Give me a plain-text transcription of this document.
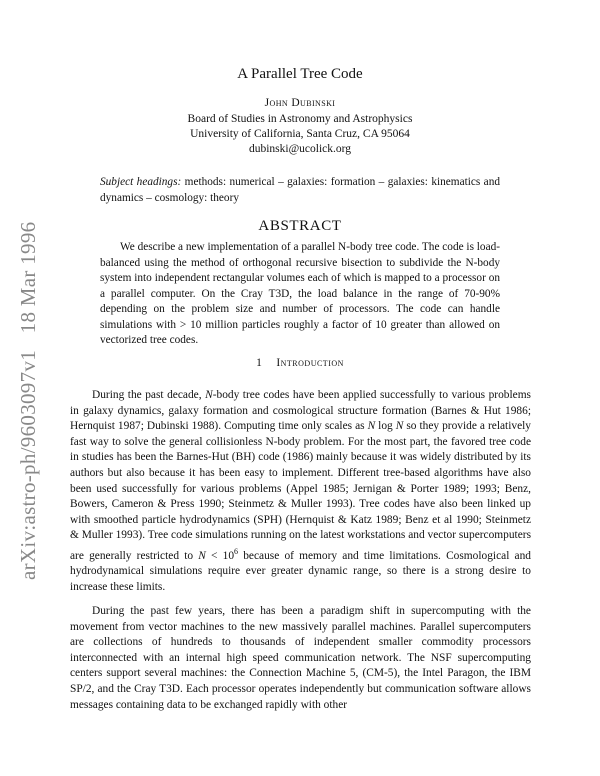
arXiv:astro-ph/9603097v1   18 Mar 1996
A Parallel Tree Code
John Dubinski
Board of Studies in Astronomy and Astrophysics
University of California, Santa Cruz, CA 95064
dubinski@ucolick.org
Subject headings: methods: numerical – galaxies: formation – galaxies: kinematics and dynamics – cosmology: theory
ABSTRACT

We describe a new implementation of a parallel N-body tree code. The code is load-balanced using the method of orthogonal recursive bisection to subdivide the N-body system into independent rectangular volumes each of which is mapped to a processor on a parallel computer. On the Cray T3D, the load balance in the range of 70-90% depending on the problem size and number of processors. The code can handle simulations with > 10 million particles roughly a factor of 10 greater than allowed on vectorized tree codes.

1 Introduction

During the past decade, N-body tree codes have been applied successfully to various problems in galaxy dynamics, galaxy formation and cosmological structure formation (Barnes & Hut 1986; Hernquist 1987; Dubinski 1988). Computing time only scales as N log N so they provide a relatively fast way to solve the general collisionless N-body problem. For the most part, the favored tree code in studies has been the Barnes-Hut (BH) code (1986) mainly because it was widely distributed by its authors but also because it has been easy to implement. Different tree-based algorithms have also been used successfully for various problems (Appel 1985; Jernigan & Porter 1989; 1993; Benz, Bowers, Cameron & Press 1990; Steinmetz & Muller 1993). Tree codes have also been linked up with smoothed particle hydrodynamics (SPH) (Hernquist & Katz 1989; Benz et al 1990; Steinmetz & Muller 1993). Tree code simulations running on the latest workstations and vector supercomputers are generally restricted to $N < 10^6$ because of memory and time limitations. Cosmological and hydrodynamical simulations require ever greater dynamic range, so there is a strong desire to increase these limits.

During the past few years, there has been a paradigm shift in supercomputing with the movement from vector machines to the new massively parallel machines. Parallel supercomputers are collections of hundreds to thousands of independent smaller commodity processors interconnected with an internal high speed communication network. The NSF supercomputing centers support several machines: the Connection Machine 5, (CM-5), the Intel Paragon, the IBM SP/2, and the Cray T3D. Each processor operates independently but communication software allows messages containing data to be exchanged rapidly with other
